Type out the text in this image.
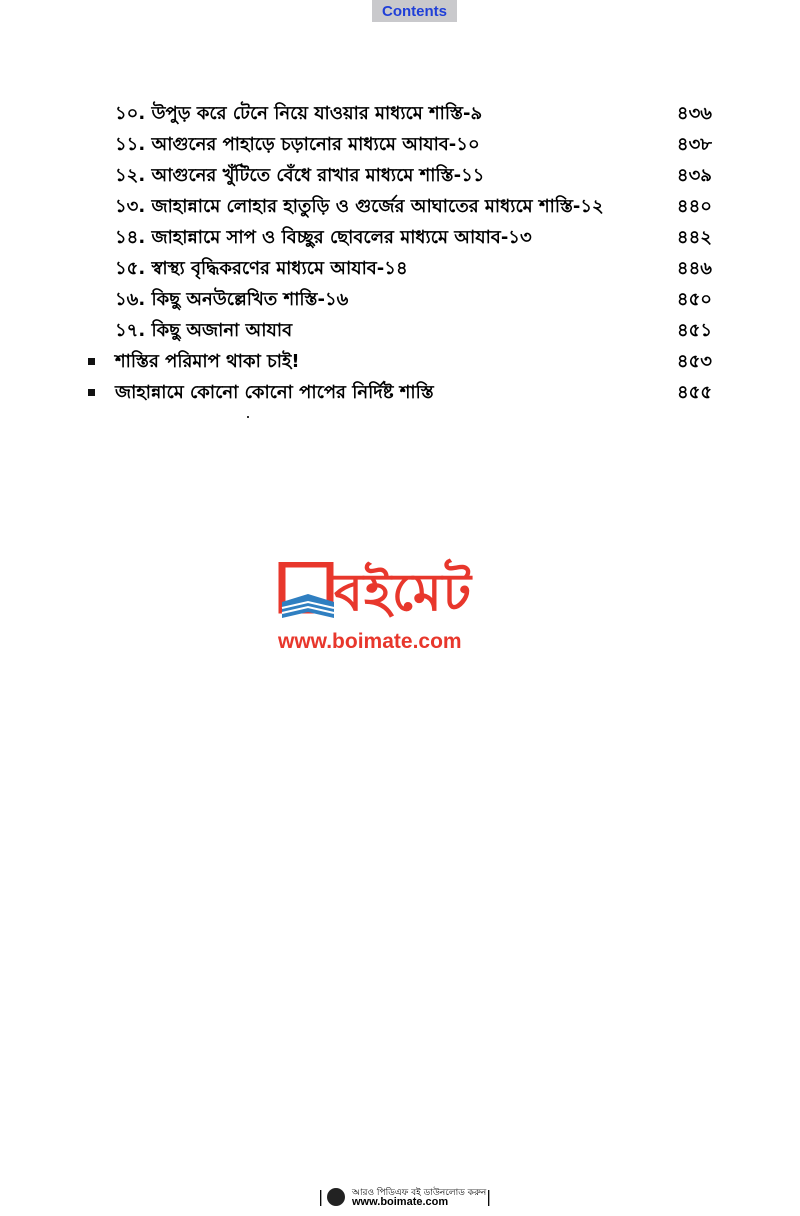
Contents
১০. উপুড় করে টেনে নিয়ে যাওয়ার মাধ্যমে শাস্তি-৯	৪৩৬
১১. আগুনের পাহাড়ে চড়ানোর মাধ্যমে আযাব-১০	৪৩৮
১২. আগুনের খুঁটিতে বেঁধে রাখার মাধ্যমে শাস্তি-১১	৪৩৯
১৩. জাহান্নামে লোহার হাতুড়ি ও গুর্জের আঘাতের মাধ্যমে শাস্তি-১২	৪৪০
১৪. জাহান্নামে সাপ ও বিচ্ছুর ছোবলের মাধ্যমে আযাব-১৩	৪৪২
১৫. স্বাস্থ্য বৃদ্ধিকরণের মাধ্যমে আযাব-১৪	৪৪৬
১৬. কিছু অনউল্লেখিত শাস্তি-১৬	৪৫০
১৭. কিছু অজানা আযাব	৪৫১
শাস্তির পরিমাপ থাকা চাই!	৪৫৩
জাহান্নামে কোনো কোনো পাপের নির্দিষ্ট শাস্তি	৪৫৫
বইমেট
www.boimate.com
|	আরও পিডিএফ বই ডাউনলোড করুন
www.boimate.com |
